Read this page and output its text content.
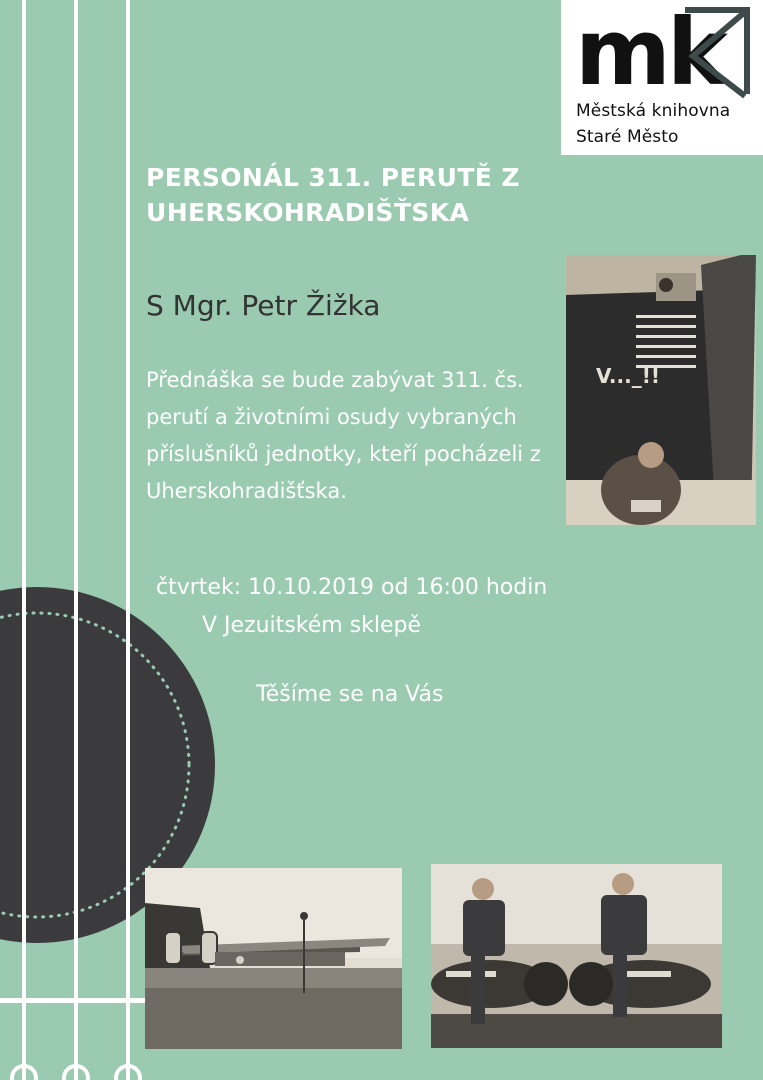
mk
Městská knihovna
Staré Město
PERSONÁL 311. PERUTĚ Z UHERSKOHRADIŠŤSKA
S Mgr. Petr Žižka
Přednáška se bude zabývat 311. čs. perutí a životními osudy vybraných příslušníků jednotky, kteří pocházeli z Uherskohradišťska.
čtvrtek: 10.10.2019 od 16:00 hodin
V Jezuitském sklepě
Těšíme se na Vás
V..._!!
